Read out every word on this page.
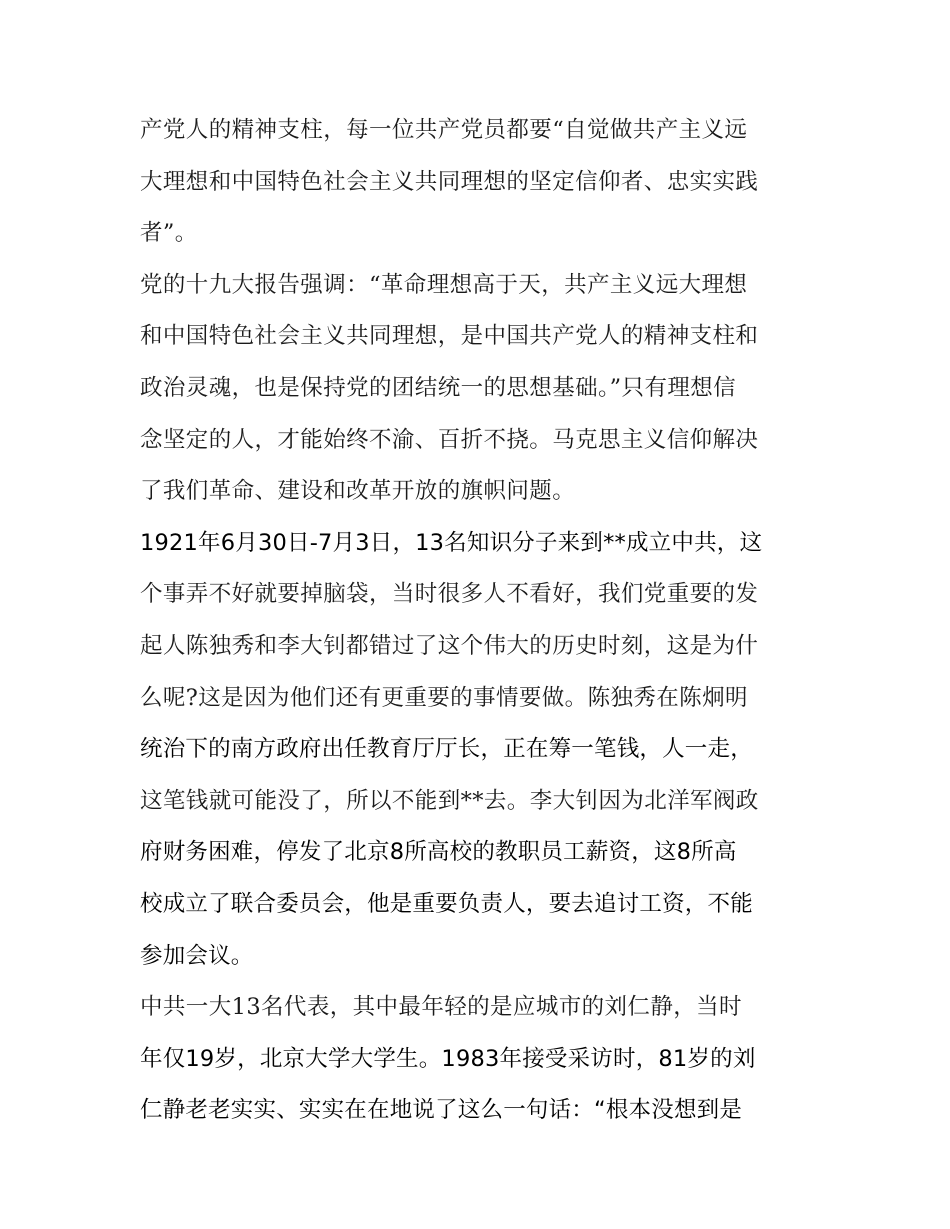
产党人的精神支柱，每一位共产党员都要“自觉做共产主义远
大理想和中国特色社会主义共同理想的坚定信仰者、忠实实践
者”。
党的十九大报告强调：“革命理想高于天，共产主义远大理想
和中国特色社会主义共同理想，是中国共产党人的精神支柱和
政治灵魂，也是保持党的团结统一的思想基础。”只有理想信
念坚定的人，才能始终不渝、百折不挠。马克思主义信仰解决
了我们革命、建设和改革开放的旗帜问题。
1921年6月30日-7月3日，13名知识分子来到**成立中共，这
个事弄不好就要掉脑袋，当时很多人不看好，我们党重要的发
起人陈独秀和李大钊都错过了这个伟大的历史时刻，这是为什
么呢?这是因为他们还有更重要的事情要做。陈独秀在陈炯明
统治下的南方政府出任教育厅厅长，正在筹一笔钱，人一走，
这笔钱就可能没了，所以不能到**去。李大钊因为北洋军阀政
府财务困难，停发了北京8所高校的教职员工薪资，这8所高
校成立了联合委员会，他是重要负责人，要去追讨工资，不能
参加会议。
中共一大13名代表，其中最年轻的是应城市的刘仁静，当时
年仅19岁，北京大学大学生。1983年接受采访时，81岁的刘
仁静老老实实、实实在在地说了这么一句话：“根本没想到是
